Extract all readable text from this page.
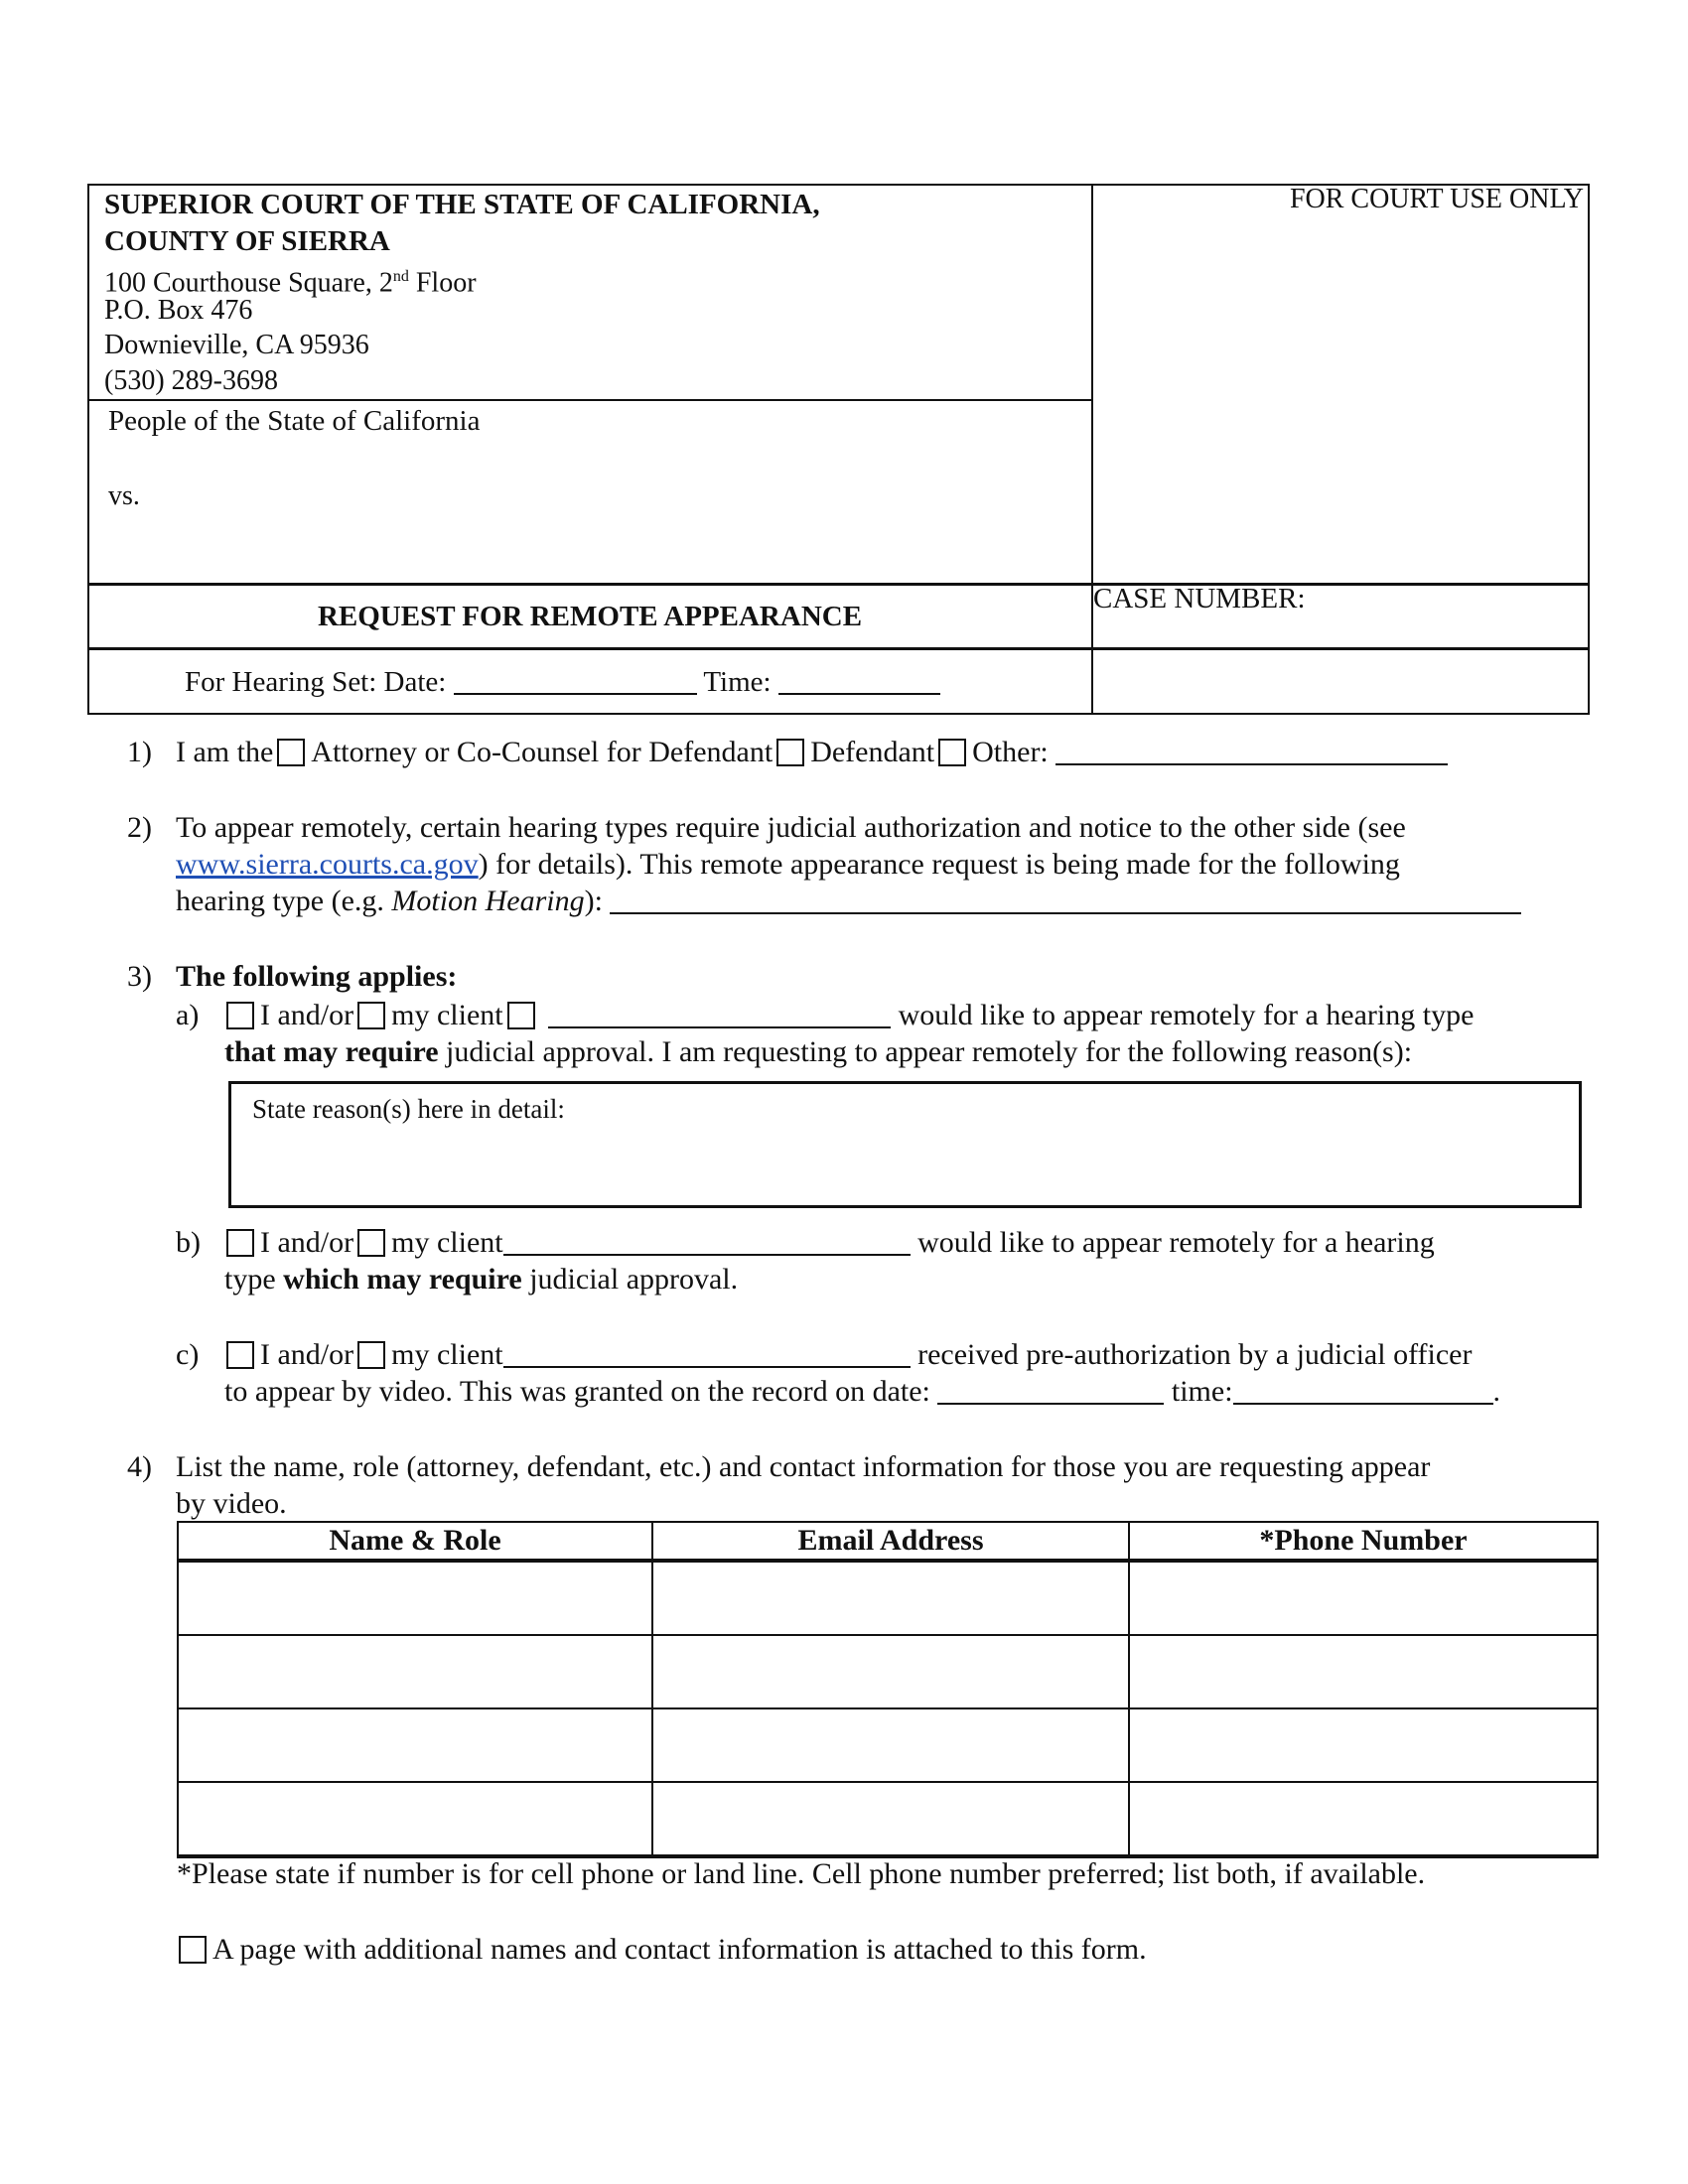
SUPERIOR COURT OF THE STATE OF CALIFORNIA,
COUNTY OF SIERRA
100 Courthouse Square, 2nd Floor
P.O. Box 476
Downieville, CA 95936
(530) 289-3698
FOR COURT USE ONLY
People of the State of California
vs.
REQUEST FOR REMOTE APPEARANCE
CASE NUMBER:
For Hearing Set: Date:	Time:
1) I am the Attorney or Co-Counsel for Defendant Defendant Other:
2) To appear remotely, certain hearing types require judicial authorization and notice to the other side (see
www.sierra.courts.ca.gov) for details). This remote appearance request is being made for the following
hearing type (e.g. Motion Hearing):
3) The following applies:
a)	I and/or my client	would like to appear remotely for a hearing type
that may require judicial approval. I am requesting to appear remotely for the following reason(s):
State reason(s) here in detail:
b)	I and/or my client	would like to appear remotely for a hearing
type which may require judicial approval.
c)	I and/or my client	received pre-authorization by a judicial officer
to appear by video. This was granted on the record on date:	time:	.
4) List the name, role (attorney, defendant, etc.) and contact information for those you are requesting appear
by video.
Name & Role	Email Address	*Phone Number

*Please state if number is for cell phone or land line. Cell phone number preferred; list both, if available.
A page with additional names and contact information is attached to this form.
